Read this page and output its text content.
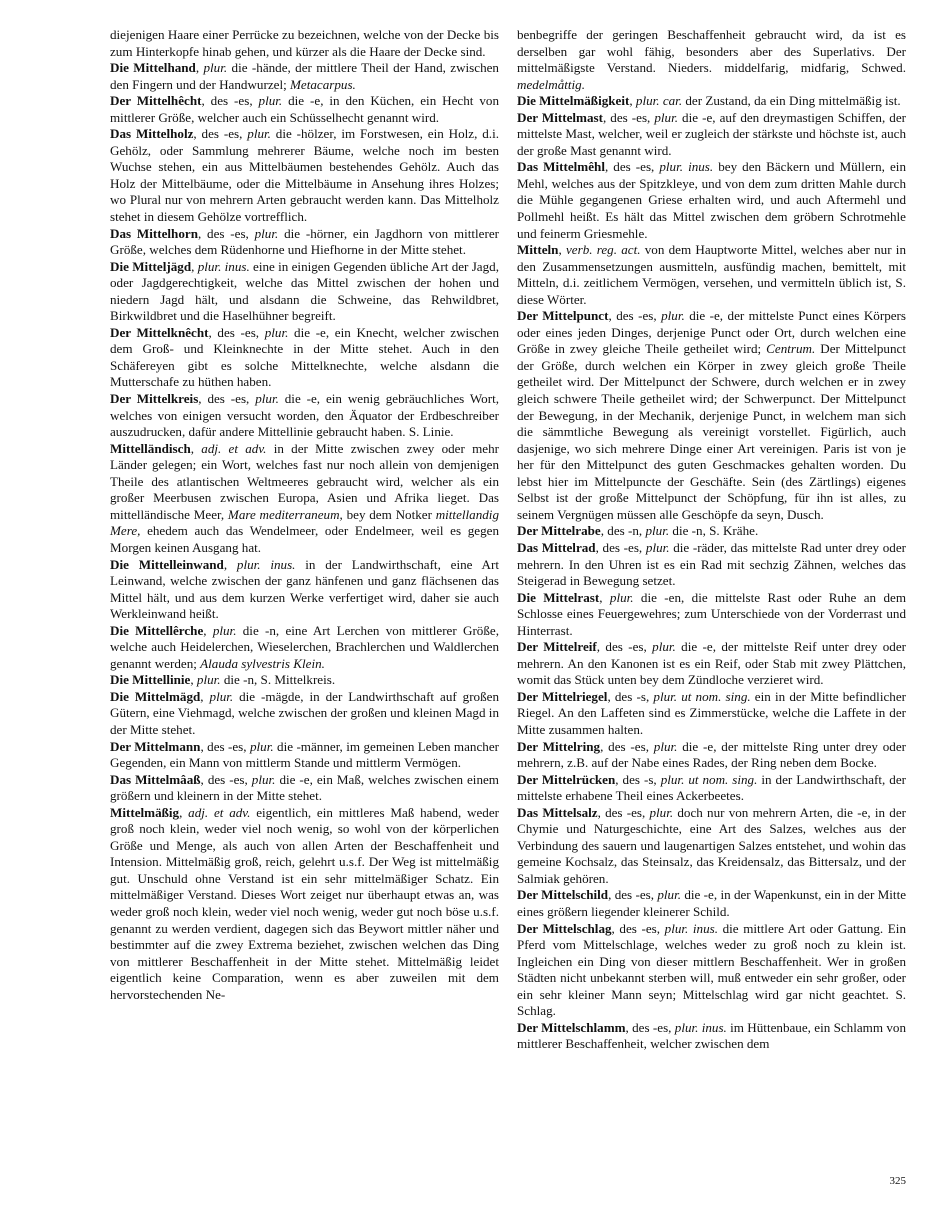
diejenigen Haare einer Perrücke zu bezeichnen, welche von der Decke bis zum Hinterkopfe hinab gehen, und kürzer als die Haare der Decke sind.

Die Mittelhand, plur. die -hände, der mittlere Theil der Hand, zwischen den Fingern und der Handwurzel; Metacarpus.

Der Mittelhêcht, des -es, plur. die -e, in den Küchen, ein Hecht von mittlerer Größe, welcher auch ein Schüsselhecht genannt wird.

Das Mittelholz, des -es, plur. die -hölzer, im Forstwesen, ein Holz, d.i. Gehölz, oder Sammlung mehrerer Bäume, welche noch im besten Wuchse stehen, ein aus Mittelbäumen bestehendes Gehölz. Auch das Holz der Mittelbäume, oder die Mittelbäume in Ansehung ihres Holzes; wo Plural nur von mehrern Arten gebraucht werden kann. Das Mittelholz stehet in diesem Gehölze vortrefflich.

Das Mittelhorn, des -es, plur. die -hörner, ein Jagdhorn von mittlerer Größe, welches dem Rüdenhorne und Hiefhorne in der Mitte stehet.

Die Mitteljägd, plur. inus. eine in einigen Gegenden übliche Art der Jagd, oder Jagdgerechtigkeit, welche das Mittel zwischen der hohen und niedern Jagd hält, und alsdann die Schweine, das Rehwildbret, Birkwildbret und die Haselhühner begreift.

Der Mittelknêcht, des -es, plur. die -e, ein Knecht, welcher zwischen dem Groß- und Kleinknechte in der Mitte stehet. Auch in den Schäfereyen gibt es solche Mittelknechte, welche alsdann die Mutterschafe zu hüthen haben.

Der Mittelkreis, des -es, plur. die -e, ein wenig gebräuchliches Wort, welches von einigen versucht worden, den Äquator der Erdbeschreiber auszudrucken, dafür andere Mittellinie gebraucht haben. S. Linie.

Mittelländisch, adj. et adv. in der Mitte zwischen zwey oder mehr Länder gelegen; ein Wort, welches fast nur noch allein von demjenigen Theile des atlantischen Weltmeeres gebraucht wird, welcher als ein großer Meerbusen zwischen Europa, Asien und Afrika lieget. Das mittelländische Meer, Mare mediterraneum, bey dem Notker mittellandig Mere, ehedem auch das Wendelmeer, oder Endelmeer, weil es gegen Morgen keinen Ausgang hat.

Die Mittelleinwand, plur. inus. in der Landwirthschaft, eine Art Leinwand, welche zwischen der ganz hänfenen und ganz flächsenen das Mittel hält, und aus dem kurzen Werke verfertiget wird, daher sie auch Werkleinwand heißt.

Die Mittellêrche, plur. die -n, eine Art Lerchen von mittlerer Größe, welche auch Heidelerchen, Wieselerchen, Brachlerchen und Waldlerchen genannt werden; Alauda sylvestris Klein.

Die Mittellinie, plur. die -n, S. Mittelkreis.

Die Mittelmägd, plur. die -mägde, in der Landwirthschaft auf großen Gütern, eine Viehmagd, welche zwischen der großen und kleinen Magd in der Mitte stehet.

Der Mittelmann, des -es, plur. die -männer, im gemeinen Leben mancher Gegenden, ein Mann von mittlerm Stande und mittlerm Vermögen.

Das Mittelmâaß, des -es, plur. die -e, ein Maß, welches zwischen einem größern und kleinern in der Mitte stehet.

Mittelmäßig, adj. et adv. eigentlich, ein mittleres Maß habend, weder groß noch klein, weder viel noch wenig, so wohl von der körperlichen Größe und Menge, als auch von allen Arten der Beschaffenheit und Intension. Mittelmäßig groß, reich, gelehrt u.s.f. Der Weg ist mittelmäßig gut. Unschuld ohne Verstand ist ein sehr mittelmäßiger Schatz. Ein mittelmäßiger Verstand. Dieses Wort zeiget nur überhaupt etwas an, was weder groß noch klein, weder viel noch wenig, weder gut noch böse u.s.f. genannt zu werden verdient, dagegen sich das Beywort mittler näher und bestimmter auf die zwey Extrema beziehet, zwischen welchen das Ding von mittlerer Beschaffenheit in der Mitte stehet. Mittelmäßig leidet eigentlich keine Comparation, wenn es aber zuweilen mit dem hervorstechenden Ne-

benbegriffe der geringen Beschaffenheit gebraucht wird, da ist es derselben gar wohl fähig, besonders aber des Superlativs. Der mittelmäßigste Verstand. Nieders. middelfarig, midfarig, Schwed. medelmåttig.

Die Mittelmäßigkeit, plur. car. der Zustand, da ein Ding mittelmäßig ist.

Der Mittelmast, des -es, plur. die -e, auf den dreymastigen Schiffen, der mittelste Mast, welcher, weil er zugleich der stärkste und höchste ist, auch der große Mast genannt wird.

Das Mittelmêhl, des -es, plur. inus. bey den Bäckern und Müllern, ein Mehl, welches aus der Spitzkleye, und von dem zum dritten Mahle durch die Mühle gegangenen Griese erhalten wird, und auch Aftermehl und Pollmehl heißt. Es hält das Mittel zwischen dem gröbern Schrotmehle und feinerm Griesmehle.

Mitteln, verb. reg. act. von dem Hauptworte Mittel, welches aber nur in den Zusammensetzungen ausmitteln, ausfündig machen, bemittelt, mit Mitteln, d.i. zeitlichem Vermögen, versehen, und vermitteln üblich ist, S. diese Wörter.

Der Mittelpunct, des -es, plur. die -e, der mittelste Punct eines Körpers oder eines jeden Dinges, derjenige Punct oder Ort, durch welchen eine Größe in zwey gleiche Theile getheilet wird; Centrum. Der Mittelpunct der Größe, durch welchen ein Körper in zwey gleich große Theile getheilet wird. Der Mittelpunct der Schwere, durch welchen er in zwey gleich schwere Theile getheilet wird; der Schwerpunct. Der Mittelpunct der Bewegung, in der Mechanik, derjenige Punct, in welchem man sich die sämmtliche Bewegung als vereinigt vorstellet. Figürlich, auch dasjenige, wo sich mehrere Dinge einer Art vereinigen. Paris ist von je her für den Mittelpunct des guten Geschmackes gehalten worden. Du lebst hier im Mittelpuncte der Geschäfte. Sein (des Zärtlings) eigenes Selbst ist der große Mittelpunct der Schöpfung, für ihn ist alles, zu seinem Vergnügen müssen alle Geschöpfe da seyn, Dusch.

Der Mittelrabe, des -n, plur. die -n, S. Krähe.

Das Mittelrad, des -es, plur. die -räder, das mittelste Rad unter drey oder mehrern. In den Uhren ist es ein Rad mit sechzig Zähnen, welches das Steigerad in Bewegung setzet.

Die Mittelrast, plur. die -en, die mittelste Rast oder Ruhe an dem Schlosse eines Feuergewehres; zum Unterschiede von der Vorderrast und Hinterrast.

Der Mittelreif, des -es, plur. die -e, der mittelste Reif unter drey oder mehrern. An den Kanonen ist es ein Reif, oder Stab mit zwey Plättchen, womit das Stück unten bey dem Zündloche verzieret wird.

Der Mittelriegel, des -s, plur. ut nom. sing. ein in der Mitte befindlicher Riegel. An den Laffeten sind es Zimmerstücke, welche die Laffete in der Mitte zusammen halten.

Der Mittelring, des -es, plur. die -e, der mittelste Ring unter drey oder mehrern, z.B. auf der Nabe eines Rades, der Ring neben dem Bocke.

Der Mittelrücken, des -s, plur. ut nom. sing. in der Landwirthschaft, der mittelste erhabene Theil eines Ackerbeetes.

Das Mittelsalz, des -es, plur. doch nur von mehrern Arten, die -e, in der Chymie und Naturgeschichte, eine Art des Salzes, welches aus der Verbindung des sauern und laugenartigen Salzes entstehet, und wohin das gemeine Kochsalz, das Steinsalz, das Kreidensalz, das Bittersalz, und der Salmiak gehören.

Der Mittelschild, des -es, plur. die -e, in der Wapenkunst, ein in der Mitte eines größern liegender kleinerer Schild.

Der Mittelschlag, des -es, plur. inus. die mittlere Art oder Gattung. Ein Pferd vom Mittelschlage, welches weder zu groß noch zu klein ist. Ingleichen ein Ding von dieser mittlern Beschaffenheit. Wer in großen Städten nicht unbekannt sterben will, muß entweder ein sehr großer, oder ein sehr kleiner Mann seyn; Mittelschlag wird gar nicht geachtet. S. Schlag.

Der Mittelschlamm, des -es, plur. inus. im Hüttenbaue, ein Schlamm von mittlerer Beschaffenheit, welcher zwischen dem

325
